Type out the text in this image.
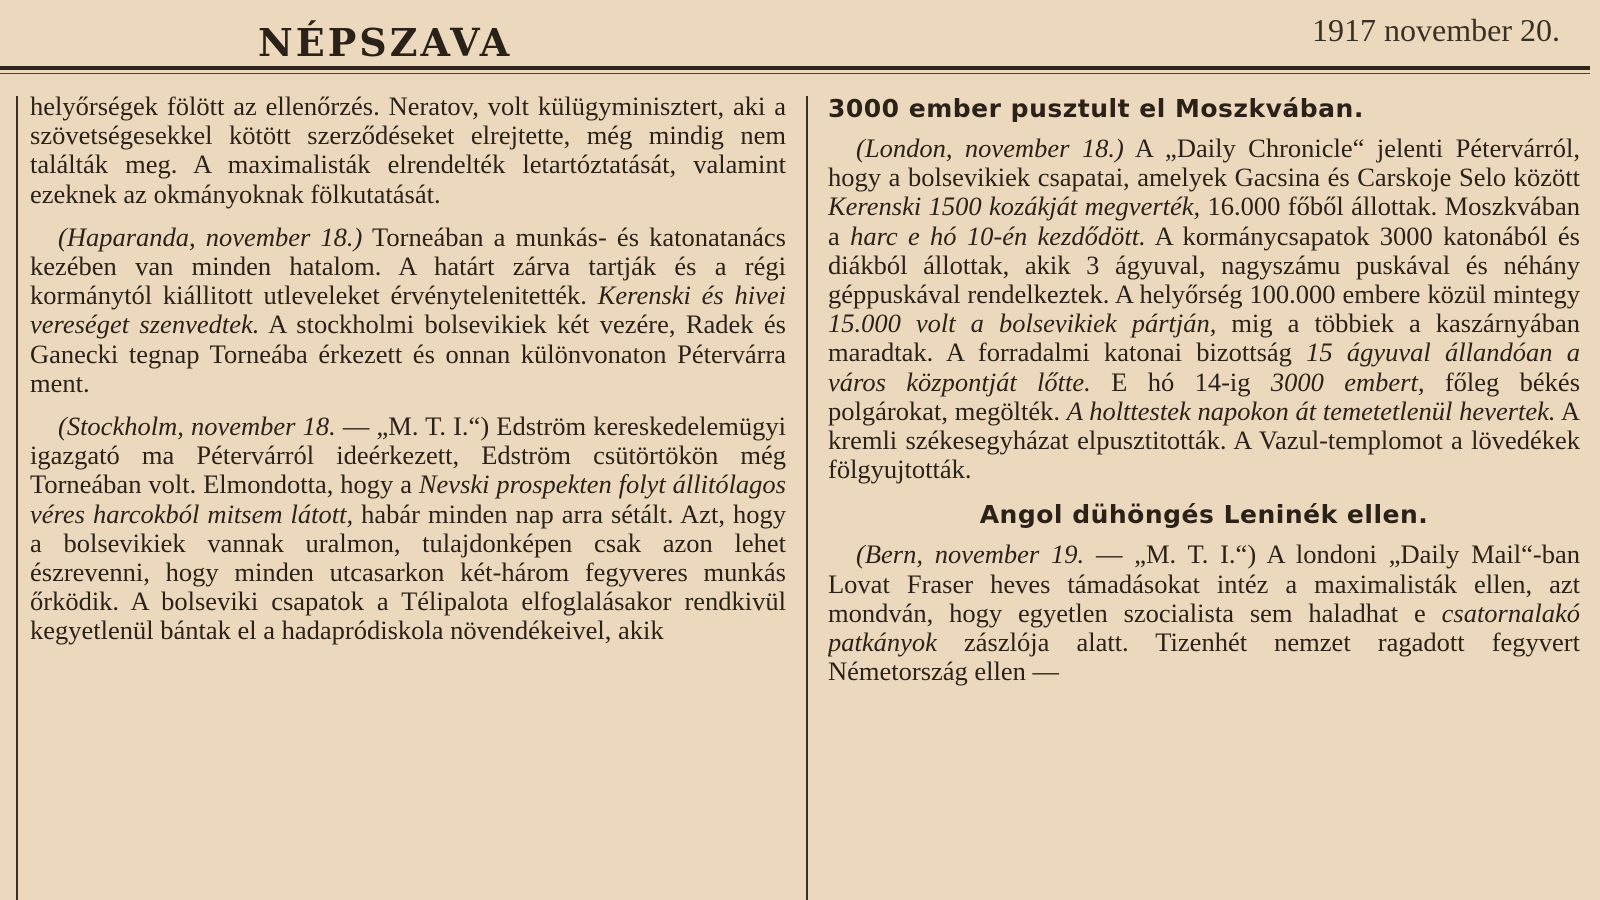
NÉPSZAVA	1917 november 20.

helyőrségek fölött az ellenőrzés. Neratov, volt külügyminisztert, aki a szövetségesekkel kötött szerződéseket elrejtette, még mindig nem találták meg. A maximalisták elrendelték letartóztatását, valamint ezeknek az okmányoknak fölkutatását.

(Haparanda, november 18.) Torneában a munkás- és katonatanács kezében van minden hatalom. A határt zárva tartják és a régi kormánytól kiállitott utleveleket érvénytelenitették. Kerenski és hivei vereséget szenvedtek. A stockholmi bolsevikiek két vezére, Radek és Ganecki tegnap Torneába érkezett és onnan különvonaton Pétervárra ment.

(Stockholm, november 18. — „M. T. I.“) Edström kereskedelemügyi igazgató ma Pétervárról ideérkezett, Edström csütörtökön még Torneában volt. Elmondotta, hogy a Nevski prospekten folyt állitólagos véres harcokból mitsem látott, habár minden nap arra sétált. Azt, hogy a bolsevikiek vannak uralmon, tulajdonképen csak azon lehet észrevenni, hogy minden utcasarkon két-három fegyveres munkás őrködik. A bolseviki csapatok a Télipalota elfoglalásakor rendkivül kegyetlenül bántak el a hadapródiskola növendékeivel, akik

3000 ember pusztult el Moszkvában.

(London, november 18.) A „Daily Chronicle“ jelenti Pétervárról, hogy a bolsevikiek csapatai, amelyek Gacsina és Carskoje Selo között Kerenski 1500 kozákját megverték, 16.000 főből állottak. Moszkvában a harc e hó 10-én kezdődött. A kormánycsapatok 3000 katonából és diákból állottak, akik 3 ágyuval, nagyszámu puskával és néhány géppuskával rendelkeztek. A helyőrség 100.000 embere közül mintegy 15.000 volt a bolsevikiek pártján, mig a többiek a kaszárnyában maradtak. A forradalmi katonai bizottság 15 ágyuval állandóan a város központját lőtte. E hó 14-ig 3000 embert, főleg békés polgárokat, megölték. A holttestek napokon át temetetlenül hevertek. A kremli székesegyházat elpusztitották. A Vazul-templomot a lövedékek fölgyujtották.

Angol dühöngés Leninék ellen.

(Bern, november 19. — „M. T. I.“) A londoni „Daily Mail“-ban Lovat Fraser heves támadásokat intéz a maximalisták ellen, azt mondván, hogy egyetlen szocialista sem haladhat e csatornalakó patkányok zászlója alatt. Tizenhét nemzet ragadott fegyvert Németország ellen —
